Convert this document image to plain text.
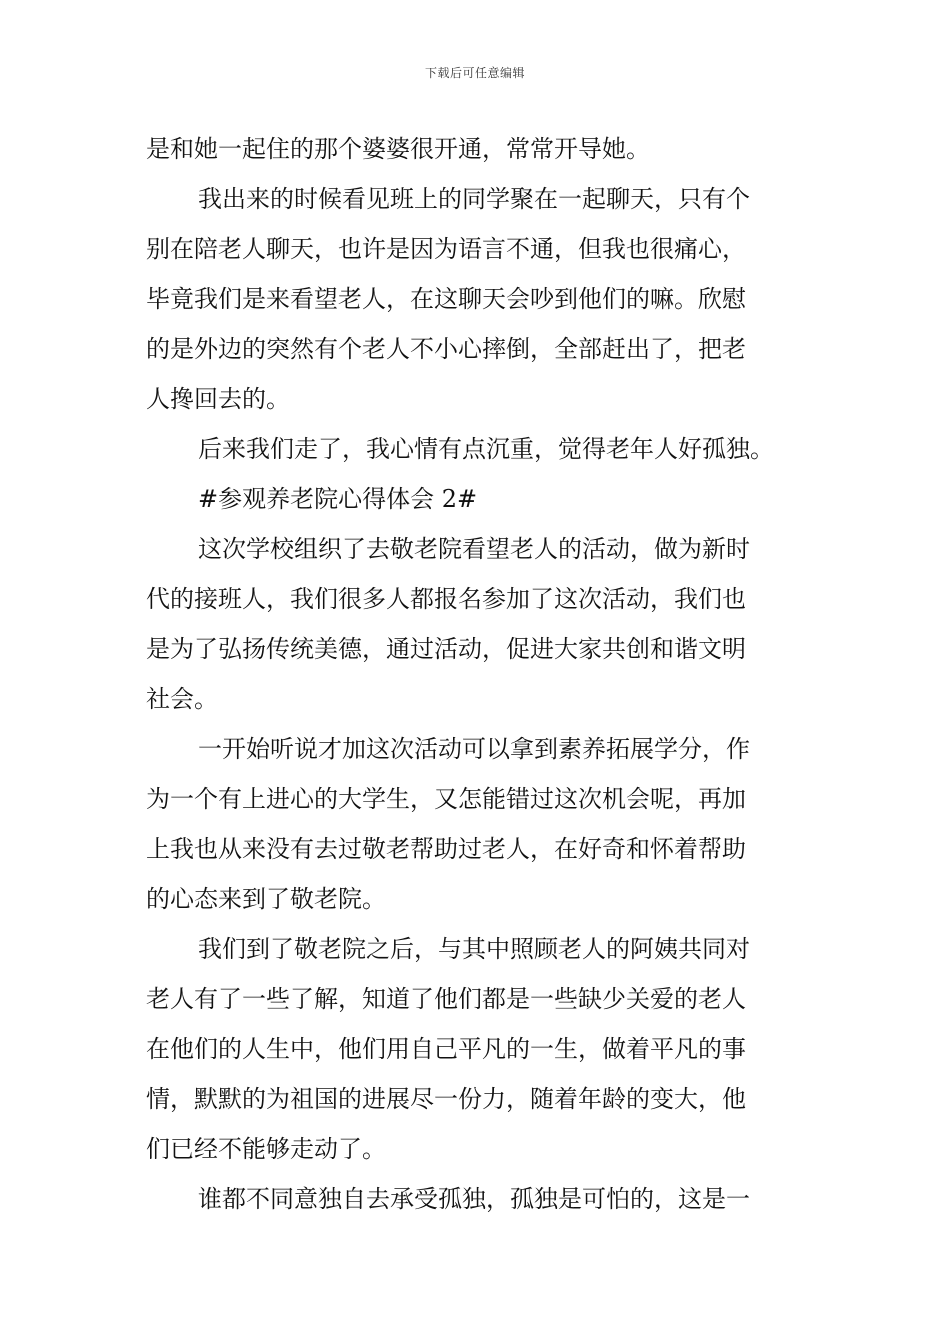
下载后可任意编辑
是和她一起住的那个婆婆很开通，常常开导她。
我出来的时候看见班上的同学聚在一起聊天，只有个
别在陪老人聊天，也许是因为语言不通，但我也很痛心，
毕竟我们是来看望老人，在这聊天会吵到他们的嘛。欣慰
的是外边的突然有个老人不小心摔倒，全部赶出了，把老
人搀回去的。
后来我们走了，我心情有点沉重，觉得老年人好孤独。
#参观养老院心得体会 2#
这次学校组织了去敬老院看望老人的活动，做为新时
代的接班人，我们很多人都报名参加了这次活动，我们也
是为了弘扬传统美德，通过活动，促进大家共创和谐文明
社会。
一开始听说才加这次活动可以拿到素养拓展学分，作
为一个有上进心的大学生，又怎能错过这次机会呢，再加
上我也从来没有去过敬老帮助过老人，在好奇和怀着帮助
的心态来到了敬老院。
我们到了敬老院之后，与其中照顾老人的阿姨共同对
老人有了一些了解，知道了他们都是一些缺少关爱的老人
在他们的人生中，他们用自己平凡的一生，做着平凡的事
情，默默的为祖国的进展尽一份力，随着年龄的变大，他
们已经不能够走动了。
谁都不同意独自去承受孤独，孤独是可怕的，这是一
